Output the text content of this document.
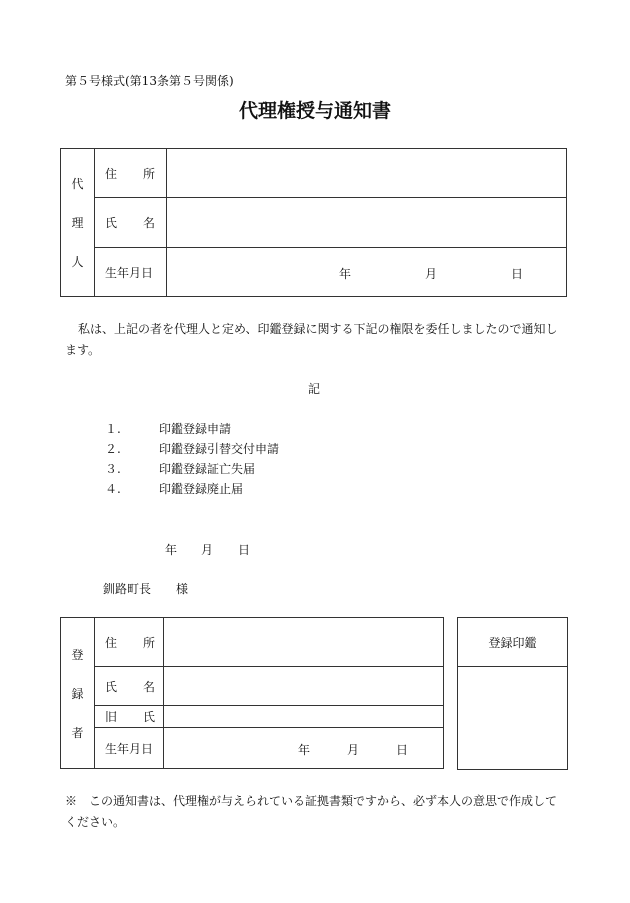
第５号様式(第13条第５号関係)
代理権授与通知書
代
理
人	住 所	

	氏 名	

	生年月日	年 月 日
私は、上記の者を代理人と定め、印鑑登録に関する下記の権限を委任しましたので通知し
ます。
記
１.	印鑑登録申請
２.	印鑑登録引替交付申請
３.	印鑑登録証亡失届
４.	印鑑登録廃止届
年 月 日
釧路町長 様
登
録
者	住 所	

	氏 名	

	旧 氏	

	生年月日	年 月 日
登録印鑑

※　この通知書は、代理権が与えられている証拠書類ですから、必ず本人の意思で作成して
ください。
